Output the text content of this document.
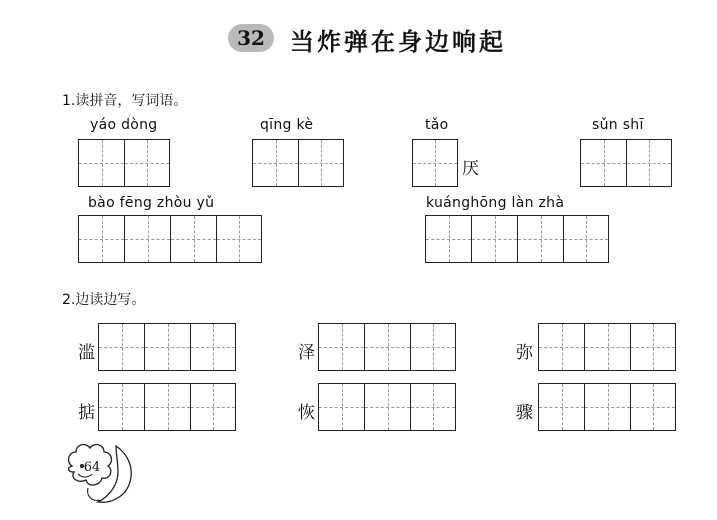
32 当炸弹在身边响起
1.读拼音，写词语。
yáo dòng	qīng kè	tǎo
厌
sǔn shī
bào fēng zhòu yǔ	kuánghōng làn zhà
2.边读边写。
滥	泽	弥
掂	恢	骤
64
